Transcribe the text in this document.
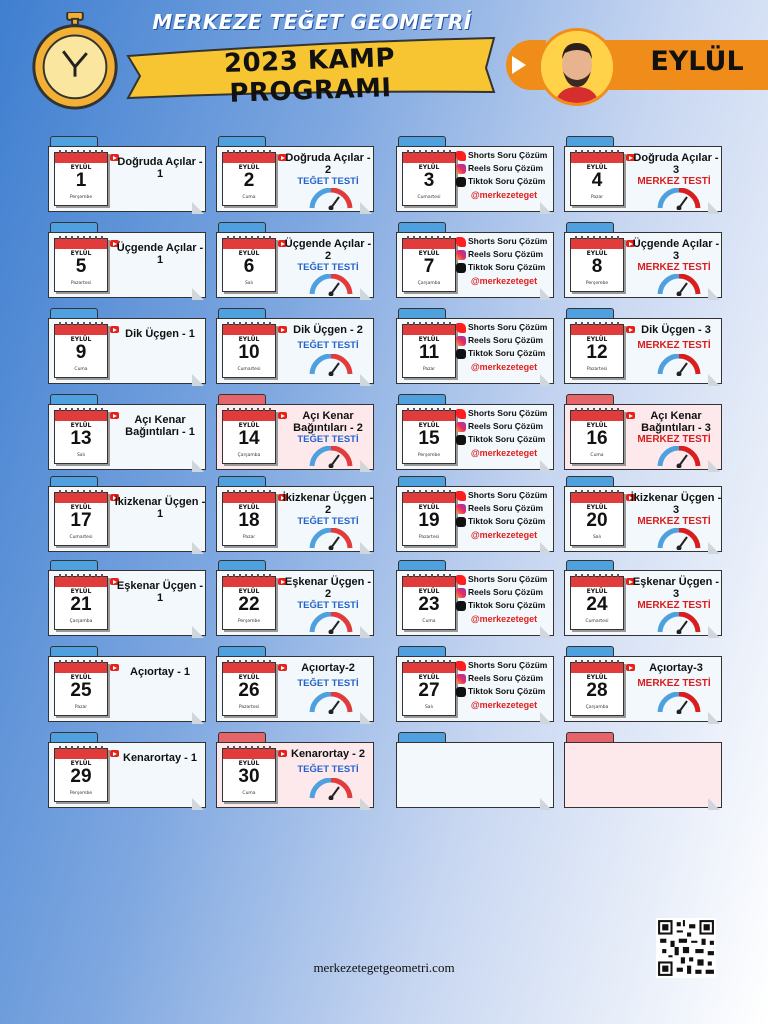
MERKEZE TEĞET GEOMETRİ
2023 KAMP PROGRAMI
EYLÜL
EYLÜL
1
Perşembe
Doğruda Açılar - 1
EYLÜL
5
Pazartesi
Üçgende Açılar - 1
EYLÜL
9
Cuma
Dik Üçgen - 1
EYLÜL
13
Salı
Açı Kenar Bağıntıları - 1
EYLÜL
17
Cumartesi
İkizkenar Üçgen - 1
EYLÜL
21
Çarşamba
Eşkenar Üçgen - 1
EYLÜL
25
Pazar
Açıortay - 1
EYLÜL
29
Perşembe
Kenarortay - 1
EYLÜL
2
Cuma
Doğruda Açılar - 2
TEĞET TESTİ
EYLÜL
6
Salı
Üçgende Açılar - 2
TEĞET TESTİ
EYLÜL
10
Cumartesi
Dik Üçgen - 2
TEĞET TESTİ
EYLÜL
14
Çarşamba
Açı Kenar Bağıntıları - 2
TEĞET TESTİ
EYLÜL
18
Pazar
İkizkenar Üçgen - 2
TEĞET TESTİ
EYLÜL
22
Perşembe
Eşkenar Üçgen - 2
TEĞET TESTİ
EYLÜL
26
Pazartesi
Açıortay-2
TEĞET TESTİ
EYLÜL
30
Cuma
Kenarortay - 2
TEĞET TESTİ
EYLÜL
3
Cumartesi
Shorts Soru Çözüm
Reels Soru Çözüm
Tiktok Soru Çözüm
@merkezeteget
EYLÜL
7
Çarşamba
Shorts Soru Çözüm
Reels Soru Çözüm
Tiktok Soru Çözüm
@merkezeteget
EYLÜL
11
Pazar
Shorts Soru Çözüm
Reels Soru Çözüm
Tiktok Soru Çözüm
@merkezeteget
EYLÜL
15
Perşembe
Shorts Soru Çözüm
Reels Soru Çözüm
Tiktok Soru Çözüm
@merkezeteget
EYLÜL
19
Pazartesi
Shorts Soru Çözüm
Reels Soru Çözüm
Tiktok Soru Çözüm
@merkezeteget
EYLÜL
23
Cuma
Shorts Soru Çözüm
Reels Soru Çözüm
Tiktok Soru Çözüm
@merkezeteget
EYLÜL
27
Salı
Shorts Soru Çözüm
Reels Soru Çözüm
Tiktok Soru Çözüm
@merkezeteget
EYLÜL
4
Pazar
Doğruda Açılar - 3
MERKEZ TESTİ
EYLÜL
8
Perşembe
Üçgende Açılar - 3
MERKEZ TESTİ
EYLÜL
12
Pazartesi
Dik Üçgen - 3
MERKEZ TESTİ
EYLÜL
16
Cuma
Açı Kenar Bağıntıları - 3
MERKEZ TESTİ
EYLÜL
20
Salı
İkizkenar Üçgen - 3
MERKEZ TESTİ
EYLÜL
24
Cumartesi
Eşkenar Üçgen - 3
MERKEZ TESTİ
EYLÜL
28
Çarşamba
Açıortay-3
MERKEZ TESTİ
merkezetegetgeometri.com
